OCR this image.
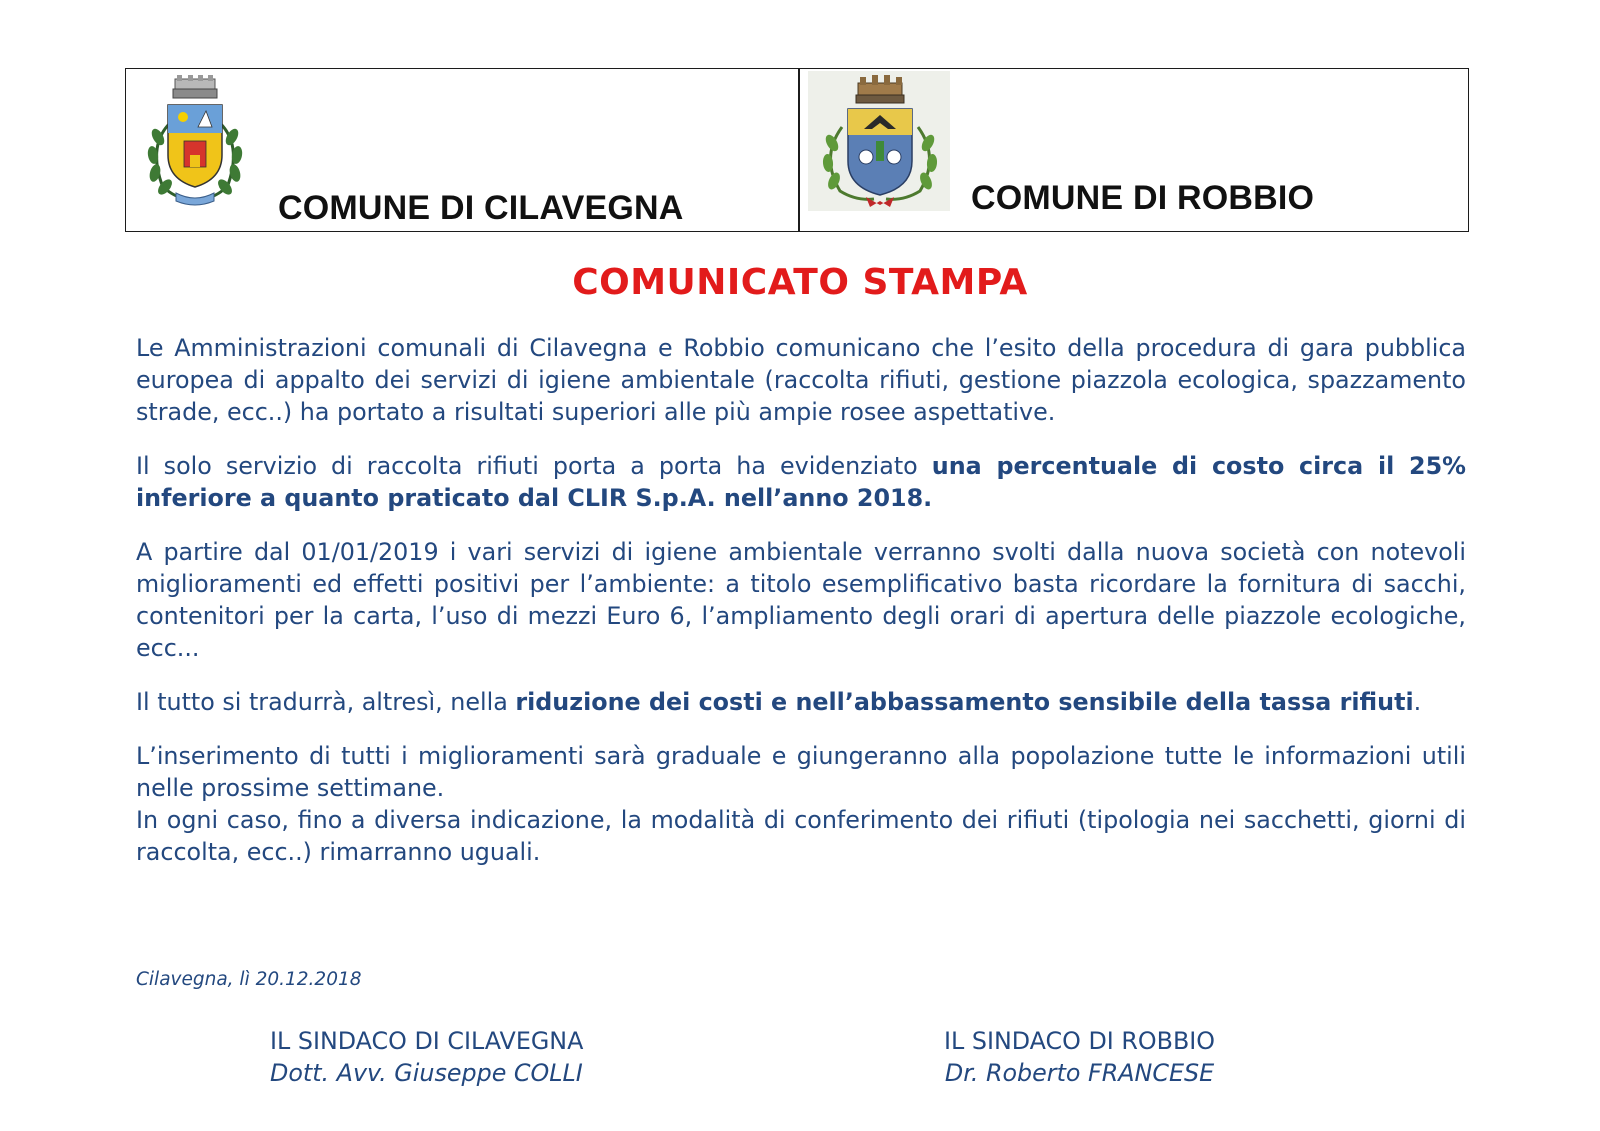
COMUNE DI CILAVEGNA	COMUNE DI ROBBIO
COMUNICATO STAMPA

Le Amministrazioni comunali di Cilavegna e Robbio comunicano che l’esito della procedura di gara pubblica europea di appalto dei servizi di igiene ambientale (raccolta rifiuti, gestione piazzola ecologica, spazzamento strade, ecc..) ha portato a risultati superiori alle più ampie rosee aspettative.

Il solo servizio di raccolta rifiuti porta a porta ha evidenziato una percentuale di costo circa il 25% inferiore a quanto praticato dal CLIR S.p.A. nell’anno 2018.

A partire dal 01/01/2019 i vari servizi di igiene ambientale verranno svolti dalla nuova società con notevoli miglioramenti ed effetti positivi per l’ambiente: a titolo esemplificativo basta ricordare la fornitura di sacchi, contenitori per la carta, l’uso di mezzi Euro 6, l’ampliamento degli orari di apertura delle piazzole ecologiche, ecc...

Il tutto si tradurrà, altresì, nella riduzione dei costi e nell’abbassamento sensibile della tassa rifiuti.

L’inserimento di tutti i miglioramenti sarà graduale e giungeranno alla popolazione tutte le informazioni utili nelle prossime settimane.

In ogni caso, fino a diversa indicazione, la modalità di conferimento dei rifiuti (tipologia nei sacchetti, giorni di raccolta, ecc..) rimarranno uguali.

Cilavegna, lì 20.12.2018
IL SINDACO DI CILAVEGNA
Dott. Avv. Giuseppe COLLI
IL SINDACO DI ROBBIO
Dr. Roberto FRANCESE
